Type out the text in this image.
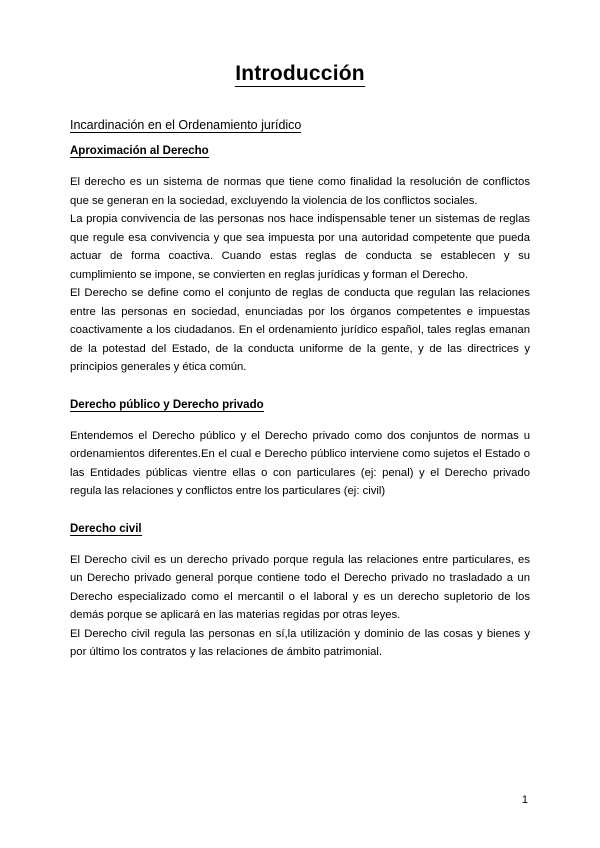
Introducción
Incardinación en el Ordenamiento jurídico
Aproximación al Derecho

El derecho es un sistema de normas que tiene como finalidad la resolución de conflictos que se generan en la sociedad, excluyendo la violencia de los conflictos sociales.

La propia convivencia de las personas nos hace indispensable tener un sistemas de reglas que regule esa convivencia y que sea impuesta por una autoridad competente que pueda actuar de forma coactiva. Cuando estas reglas de conducta se establecen y su cumplimiento se impone, se convierten en reglas jurídicas y forman el Derecho.

El Derecho se define como el conjunto de reglas de conducta que regulan las relaciones entre las personas en sociedad, enunciadas por los órganos competentes e impuestas coactivamente a los ciudadanos. En el ordenamiento jurídico español, tales reglas emanan de la potestad del Estado, de la conducta uniforme de la gente, y de las directrices y principios generales y ética común.

Derecho público y Derecho privado

Entendemos el Derecho público y el Derecho privado como dos conjuntos de normas u ordenamientos diferentes.En el cual e Derecho público interviene como sujetos el Estado o las Entidades públicas vientre ellas o con particulares (ej: penal) y el Derecho privado regula las relaciones y conflictos entre los particulares (ej: civil)

Derecho civil

El Derecho civil es un derecho privado porque regula las relaciones entre particulares, es un Derecho privado general porque contiene todo el Derecho privado no trasladado a un Derecho especializado como el mercantil o el laboral y es un derecho supletorio de los demás porque se aplicará en las materias regidas por otras leyes.

El Derecho civil regula las personas en sí,la utilización y dominio de las cosas y bienes y por último los contratos y las relaciones de ámbito patrimonial.

1
